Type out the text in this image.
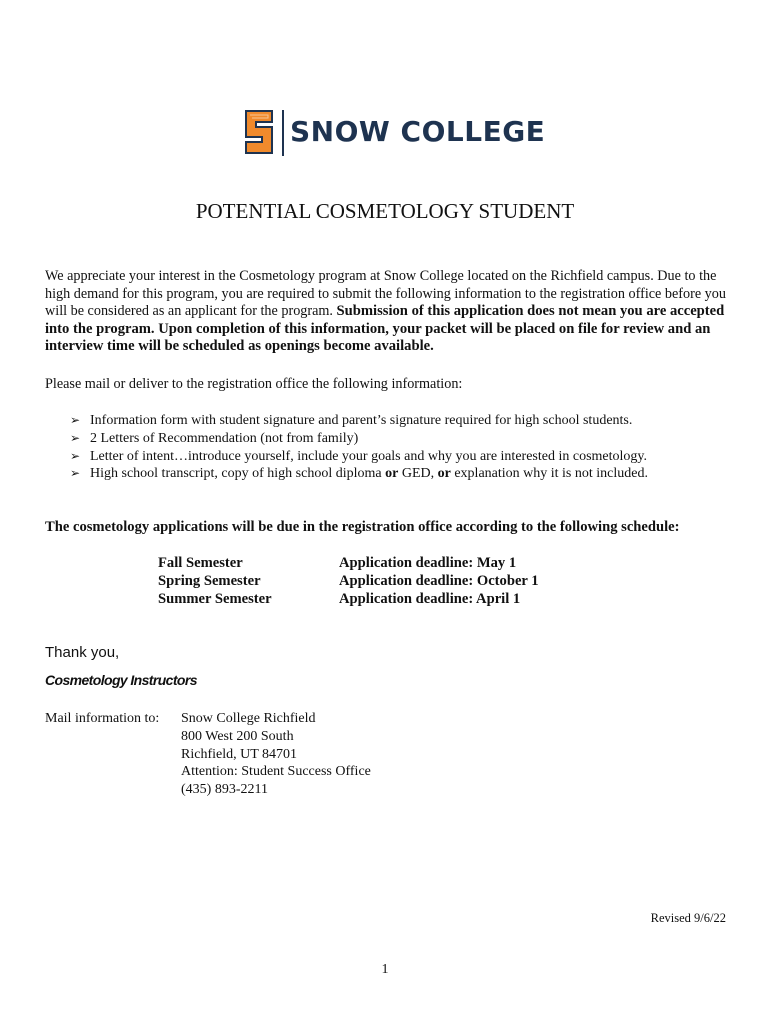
SNOW COLLEGE
POTENTIAL COSMETOLOGY STUDENT
We appreciate your interest in the Cosmetology program at Snow College located on the Richfield campus. Due to the high demand for this program, you are required to submit the following information to the registration office before you will be considered as an applicant for the program. Submission of this application does not mean you are accepted into the program. Upon completion of this information, your packet will be placed on file for review and an interview time will be scheduled as openings become available.
Please mail or deliver to the registration office the following information:
➢ Information form with student signature and parent’s signature required for high school students.
➢ 2 Letters of Recommendation (not from family)
➢ Letter of intent…introduce yourself, include your goals and why you are interested in cosmetology.
➢ High school transcript, copy of high school diploma or GED, or explanation why it is not included.
The cosmetology applications will be due in the registration office according to the following schedule:
Fall Semester	Application deadline: May 1
Spring Semester	Application deadline: October 1
Summer Semester	Application deadline: April 1
Thank you,
Cosmetology Instructors
Mail information to: Snow College Richfield
800 West 200 South
Richfield, UT 84701
Attention: Student Success Office
(435) 893-2211
Revised 9/6/22
1
